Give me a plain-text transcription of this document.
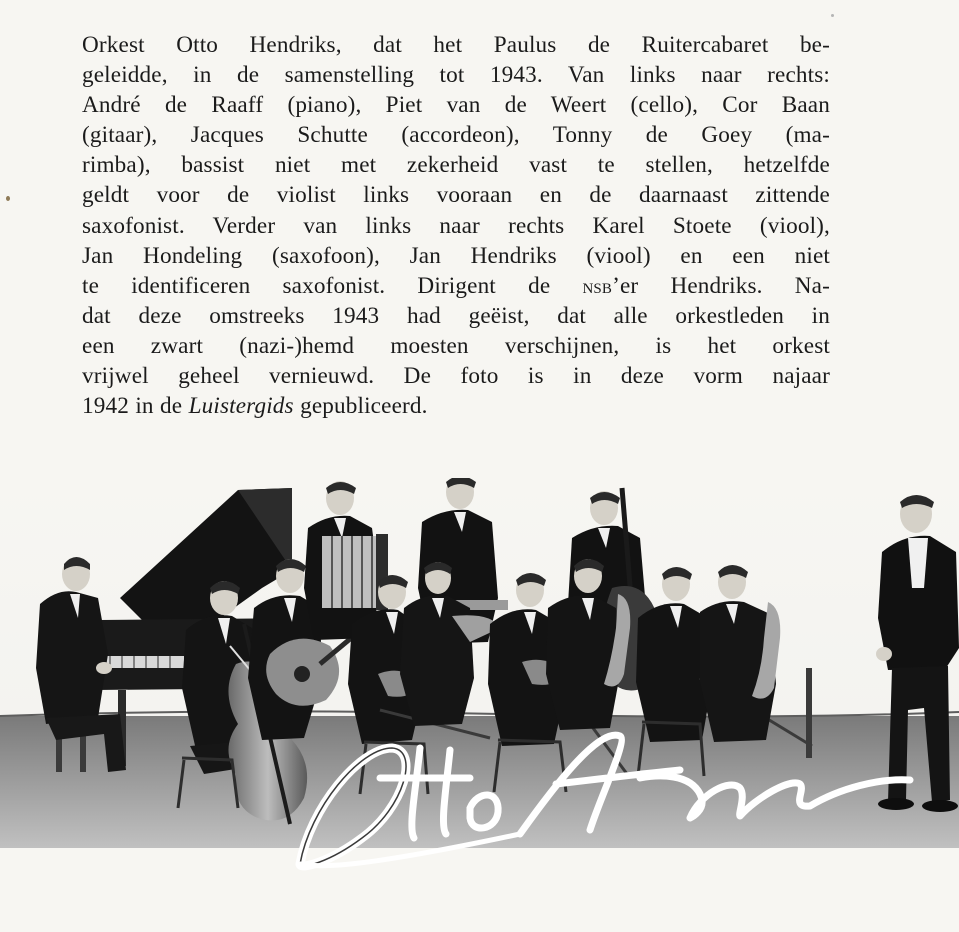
Orkest Otto Hendriks, dat het Paulus de Ruitercabaret be-
geleidde, in de samenstelling tot 1943. Van links naar rechts:
André de Raaff (piano), Piet van de Weert (cello), Cor Baan
(gitaar), Jacques Schutte (accordeon), Tonny de Goey (ma-
rimba), bassist niet met zekerheid vast te stellen, hetzelfde
geldt voor de violist links vooraan en de daarnaast zittende
saxofonist. Verder van links naar rechts Karel Stoete (viool),
Jan Hondeling (saxofoon), Jan Hendriks (viool) en een niet
te identificeren saxofonist. Dirigent de nsb’er Hendriks. Na-
dat deze omstreeks 1943 had geëist, dat alle orkestleden in
een zwart (nazi-)hemd moesten verschijnen, is het orkest
vrijwel geheel vernieuwd. De foto is in deze vorm najaar
1942 in de Luistergids gepubliceerd.
